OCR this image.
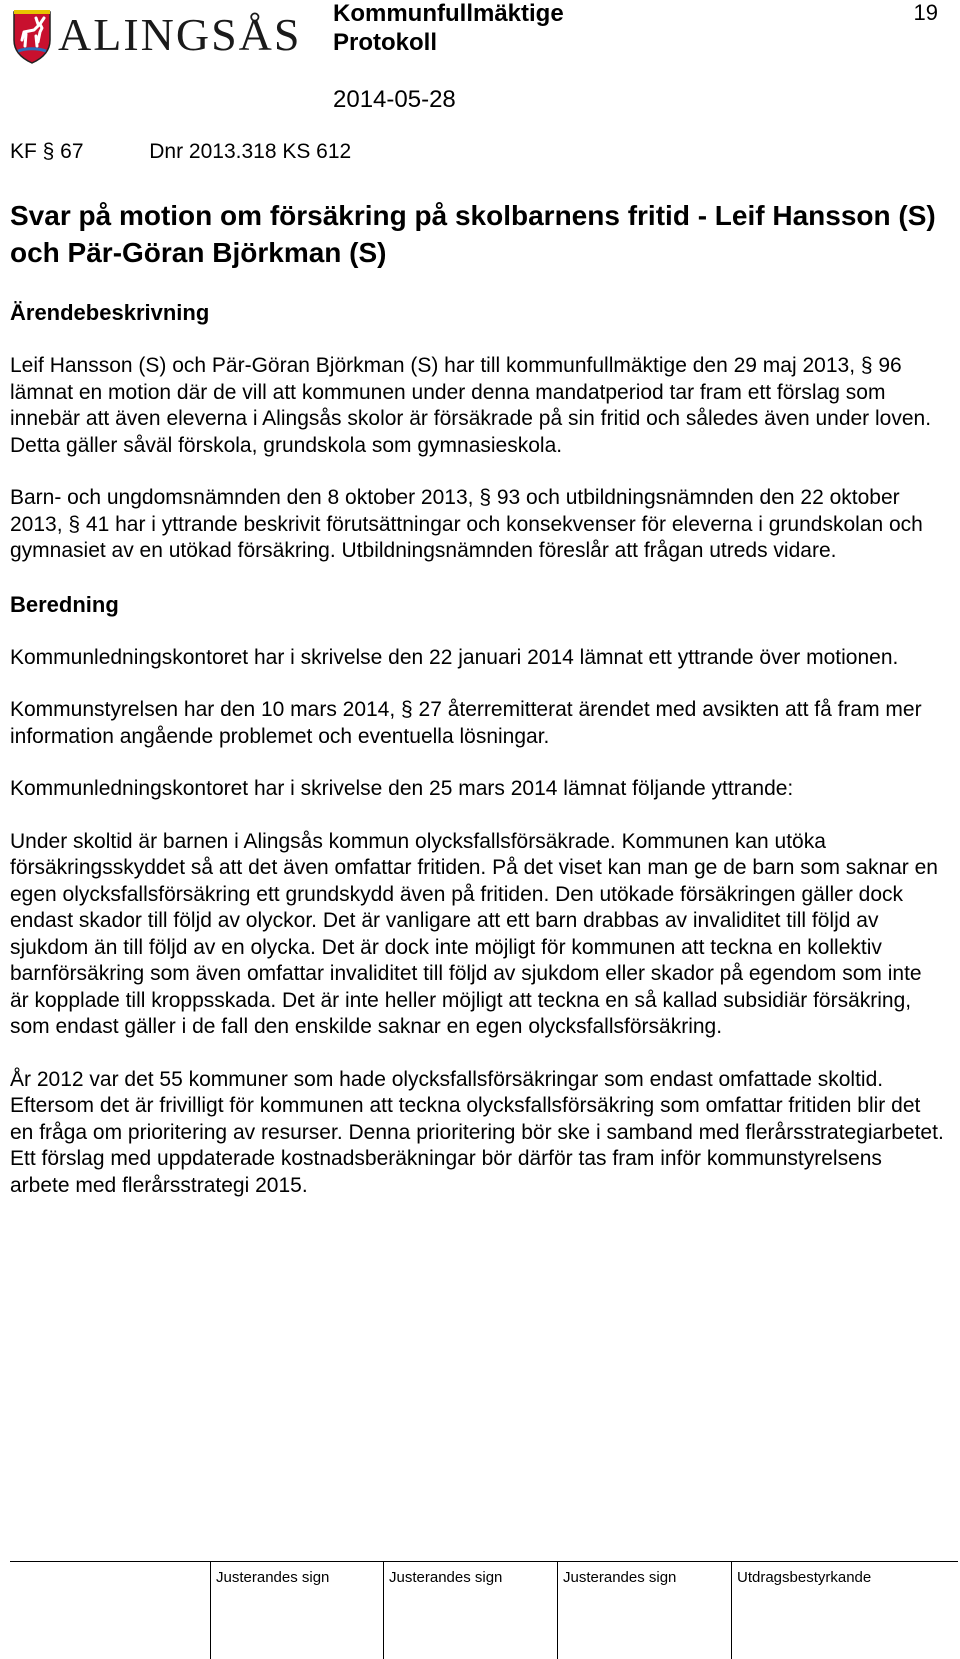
ALINGSÅS Kommunfullmäktige
Protokoll
2014-05-28
19
KF § 67	Dnr 2013.318 KS 612
Svar på motion om försäkring på skolbarnens fritid - Leif Hansson (S) och Pär-Göran Björkman (S)
Ärendebeskrivning

Leif Hansson (S) och Pär-Göran Björkman (S) har till kommunfullmäktige den 29 maj 2013, § 96 lämnat en motion där de vill att kommunen under denna mandatperiod tar fram ett förslag som innebär att även eleverna i Alingsås skolor är försäkrade på sin fritid och således även under loven. Detta gäller såväl förskola, grundskola som gymnasieskola.

Barn- och ungdomsnämnden den 8 oktober 2013, § 93 och utbildningsnämnden den 22 oktober 2013, § 41 har i yttrande beskrivit förutsättningar och konsekvenser för eleverna i grundskolan och gymnasiet av en utökad försäkring. Utbildningsnämnden föreslår att frågan utreds vidare.

Beredning

Kommunledningskontoret har i skrivelse den 22 januari 2014 lämnat ett yttrande över motionen.

Kommunstyrelsen har den 10 mars 2014, § 27 återremitterat ärendet med avsikten att få fram mer information angående problemet och eventuella lösningar.

Kommunledningskontoret har i skrivelse den 25 mars 2014 lämnat följande yttrande:

Under skoltid är barnen i Alingsås kommun olycksfallsförsäkrade. Kommunen kan utöka försäkringsskyddet så att det även omfattar fritiden. På det viset kan man ge de barn som saknar en egen olycksfallsförsäkring ett grundskydd även på fritiden. Den utökade försäkringen gäller dock endast skador till följd av olyckor. Det är vanligare att ett barn drabbas av invaliditet till följd av sjukdom än till följd av en olycka. Det är dock inte möjligt för kommunen att teckna en kollektiv barnförsäkring som även omfattar invaliditet till följd av sjukdom eller skador på egendom som inte är kopplade till kroppsskada. Det är inte heller möjligt att teckna en så kallad subsidiär försäkring, som endast gäller i de fall den enskilde saknar en egen olycksfallsförsäkring.

År 2012 var det 55 kommuner som hade olycksfallsförsäkringar som endast omfattade skoltid. Eftersom det är frivilligt för kommunen att teckna olycksfallsförsäkring som omfattar fritiden blir det en fråga om prioritering av resurser. Denna prioritering bör ske i samband med flerårsstrategiarbetet. Ett förslag med uppdaterade kostnadsberäkningar bör därför tas fram inför kommunstyrelsens arbete med flerårsstrategi 2015.

Justerandes sign	Justerandes sign	Justerandes sign	Utdragsbestyrkande
